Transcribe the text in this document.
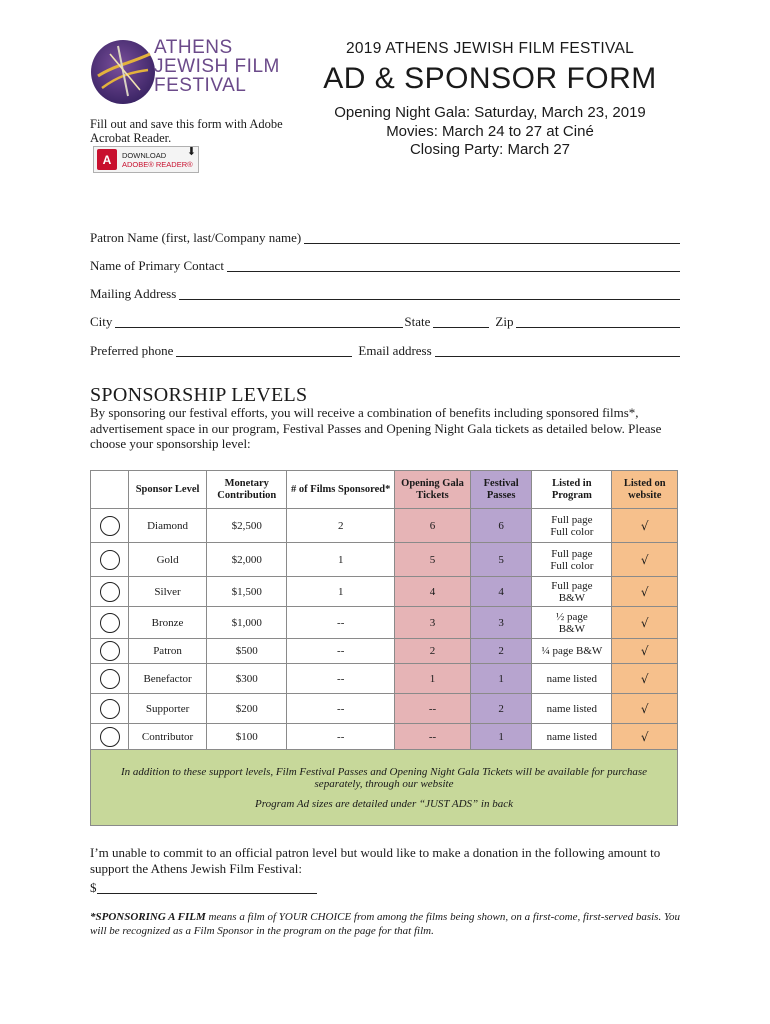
ATHENS
JEWISH FILM
FESTIVAL
Fill out and save this form with Adobe Acrobat Reader.
A	DOWNLOAD
ADOBE® READER®
⬇
2019 ATHENS JEWISH FILM FESTIVAL
AD & SPONSOR FORM
Opening Night Gala: Saturday, March 23, 2019
Movies: March 24 to 27 at Ciné
Closing Party: March 27
Patron Name (first, last/Company name)
Name of Primary Contact
Mailing Address
City	State	Zip
Preferred phone	Email address
SPONSORSHIP LEVELS
By sponsoring our festival efforts, you will receive a combination of benefits including sponsored films*, advertisement space in our program, Festival Passes and Opening Night Gala tickets as detailed below. Please choose your sponsorship level:
	Sponsor Level	Monetary Contribution	# of Films Sponsored*	Opening Gala Tickets	Festival Passes	Listed in Program	Listed on website
	Diamond	$2,500	2	6	6	Full page Full color	√
	Gold	$2,000	1	5	5	Full page Full color	√
	Silver	$1,500	1	4	4	Full page B&W	√
	Bronze	$1,000	--	3	3	½ page B&W	√
	Patron	$500	--	2	2	¼ page B&W	√
	Benefactor	$300	--	1	1	name listed	√
	Supporter	$200	--	--	2	name listed	√
	Contributor	$100	--	--	1	name listed	√

In addition to these support levels, Film Festival Passes and Opening Night Gala Tickets will be available for purchase separately, through our website

Program Ad sizes are detailed under “JUST ADS” in back							

I’m unable to commit to an official patron level but would like to make a donation in the following amount to support the Athens Jewish Film Festival:
$
*SPONSORING A FILM means a film of YOUR CHOICE from among the films being shown, on a first-come, first-served basis. You will be recognized as a Film Sponsor in the program on the page for that film.
